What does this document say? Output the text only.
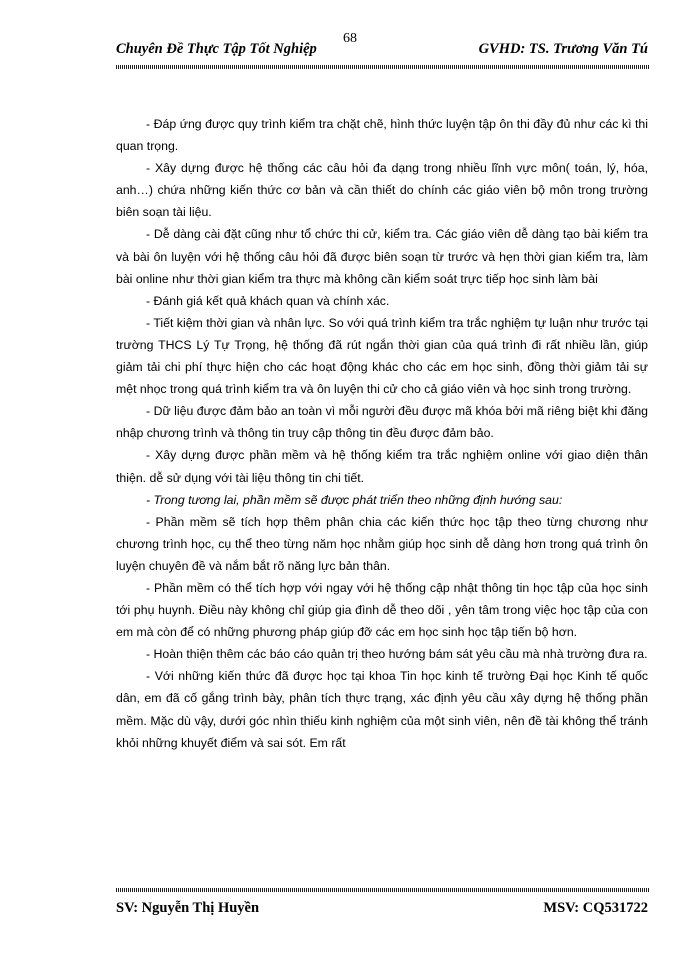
68
Chuyên Đề Thực Tập Tốt Nghiệp	GVHD: TS. Trương Văn Tú

- Đáp ứng được quy trình kiểm tra chặt chẽ, hình thức luyện tập ôn thi đầy đủ như các kì thi quan trọng.

- Xây dựng được hệ thống các câu hỏi đa dạng trong nhiều lĩnh vực môn( toán, lý, hóa, anh…) chứa những kiến thức cơ bản và cần thiết do chính các giáo viên bộ môn trong trường biên soạn tài liệu.

- Dễ dàng cài đặt cũng như tổ chức thi cử, kiểm tra. Các giáo viên dễ dàng tạo bài kiểm tra và bài ôn luyện với hệ thống câu hỏi đã được biên soạn từ trước và hẹn thời gian kiểm tra, làm bài online như thời gian kiểm tra thực mà không cần kiểm soát trực tiếp học sinh làm bài

- Đánh giá kết quả khách quan và chính xác.

- Tiết kiệm thời gian và nhân lực. So với quá trình kiểm tra trắc nghiệm tự luận như trước tại trường THCS Lý Tự Trọng, hệ thống đã rút ngắn thời gian của quá trình đi rất nhiều lần, giúp giảm tải chi phí thực hiện cho các hoạt động khác cho các em học sinh, đồng thời giảm tải sự mệt nhọc trong quá trình kiểm tra và ôn luyện thi cử cho cả giáo viên và học sinh trong trường.

- Dữ liệu được đảm bảo an toàn vì mỗi người đều được mã khóa bởi mã riêng biệt khi đăng nhập chương trình và thông tin truy cập thông tin đều được đảm bảo.

- Xây dựng được phần mềm và hệ thống kiểm tra trắc nghiệm online với giao diện thân thiện. dễ sử dụng với tài liệu thông tin chi tiết.

- Trong tương lai, phần mềm sẽ được phát triển theo những định hướng sau:

- Phần mềm sẽ tích hợp thêm phân chia các kiến thức học tập theo từng chương như chương trình học, cụ thể theo từng năm học nhằm giúp học sinh dễ dàng hơn trong quá trình ôn luyện chuyên đề và nắm bắt rõ năng lực bản thân.

- Phần mềm có thể tích hợp với ngay với hệ thống cập nhật thông tin học tập của học sinh tới phụ huynh. Điều này không chỉ giúp gia đình dễ theo dõi , yên tâm trong việc học tập của con em mà còn để có những phương pháp giúp đỡ các em học sinh học tập tiến bộ hơn.

- Hoàn thiện thêm các báo cáo quản trị theo hướng bám sát yêu cầu mà nhà trường đưa ra.

- Với những kiến thức đã được học tại khoa Tin học kinh tế trường Đại học Kinh tế quốc dân, em đã cố gắng trình bày, phân tích thực trạng, xác định yêu cầu xây dựng hệ thống phần mềm. Mặc dù vậy, dưới góc nhìn thiếu kinh nghiệm của một sinh viên, nên đề tài không thể tránh khỏi những khuyết điểm và sai sót. Em rất

SV: Nguyễn Thị Huyền	MSV: CQ531722
